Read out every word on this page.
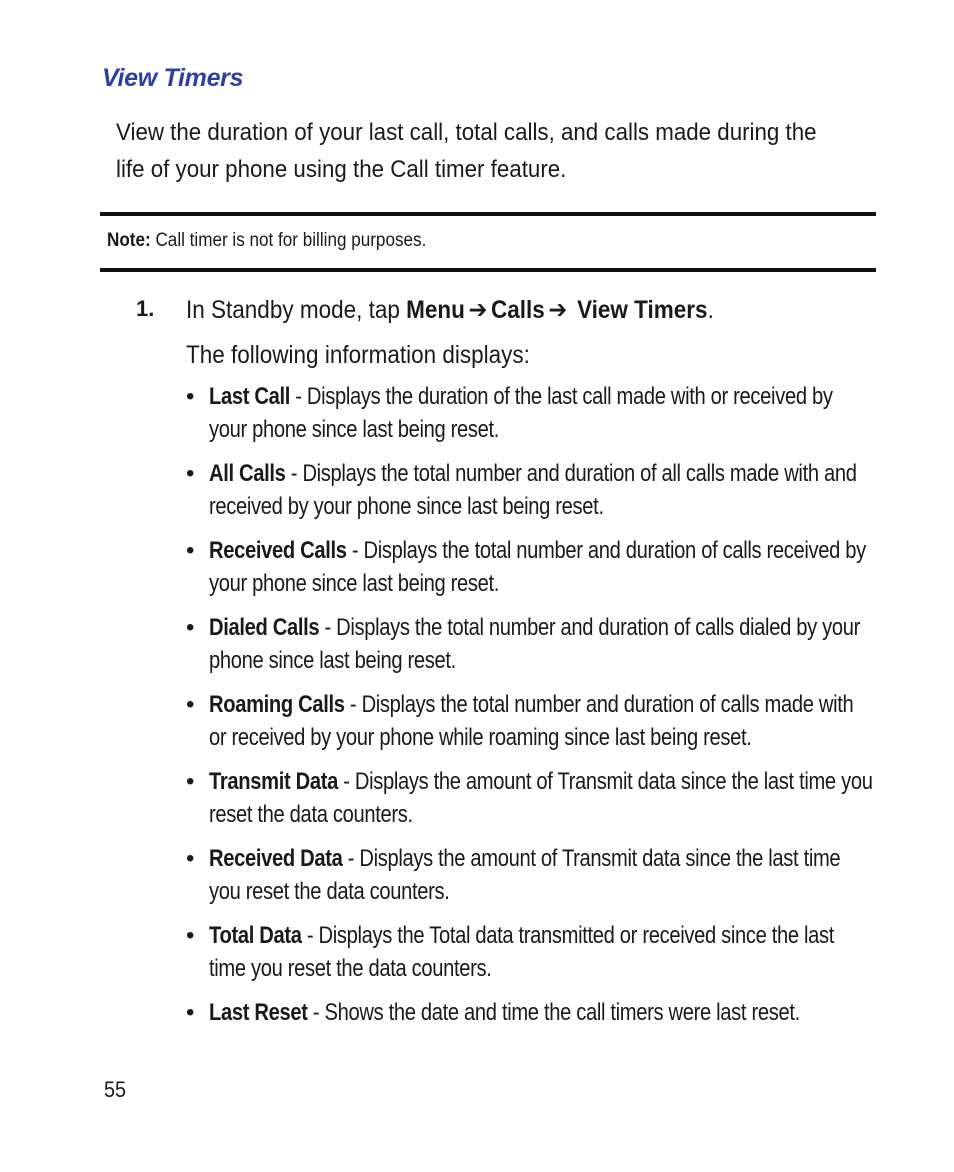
View Timers
View the duration of your last call, total calls, and calls made during the life of your phone using the Call timer feature.
Note: Call timer is not for billing purposes.
1. In Standby mode, tap Menu ➔ Calls ➔ View Timers.
The following information displays:
• Last Call - Displays the duration of the last call made with or received by your phone since last being reset.
• All Calls - Displays the total number and duration of all calls made with and received by your phone since last being reset.
• Received Calls - Displays the total number and duration of calls received by your phone since last being reset.
• Dialed Calls - Displays the total number and duration of calls dialed by your phone since last being reset.
• Roaming Calls - Displays the total number and duration of calls made with or received by your phone while roaming since last being reset.
• Transmit Data - Displays the amount of Transmit data since the last time you reset the data counters.
• Received Data - Displays the amount of Transmit data since the last time you reset the data counters.
• Total Data - Displays the Total data transmitted or received since the last time you reset the data counters.
• Last Reset - Shows the date and time the call timers were last reset.
55
